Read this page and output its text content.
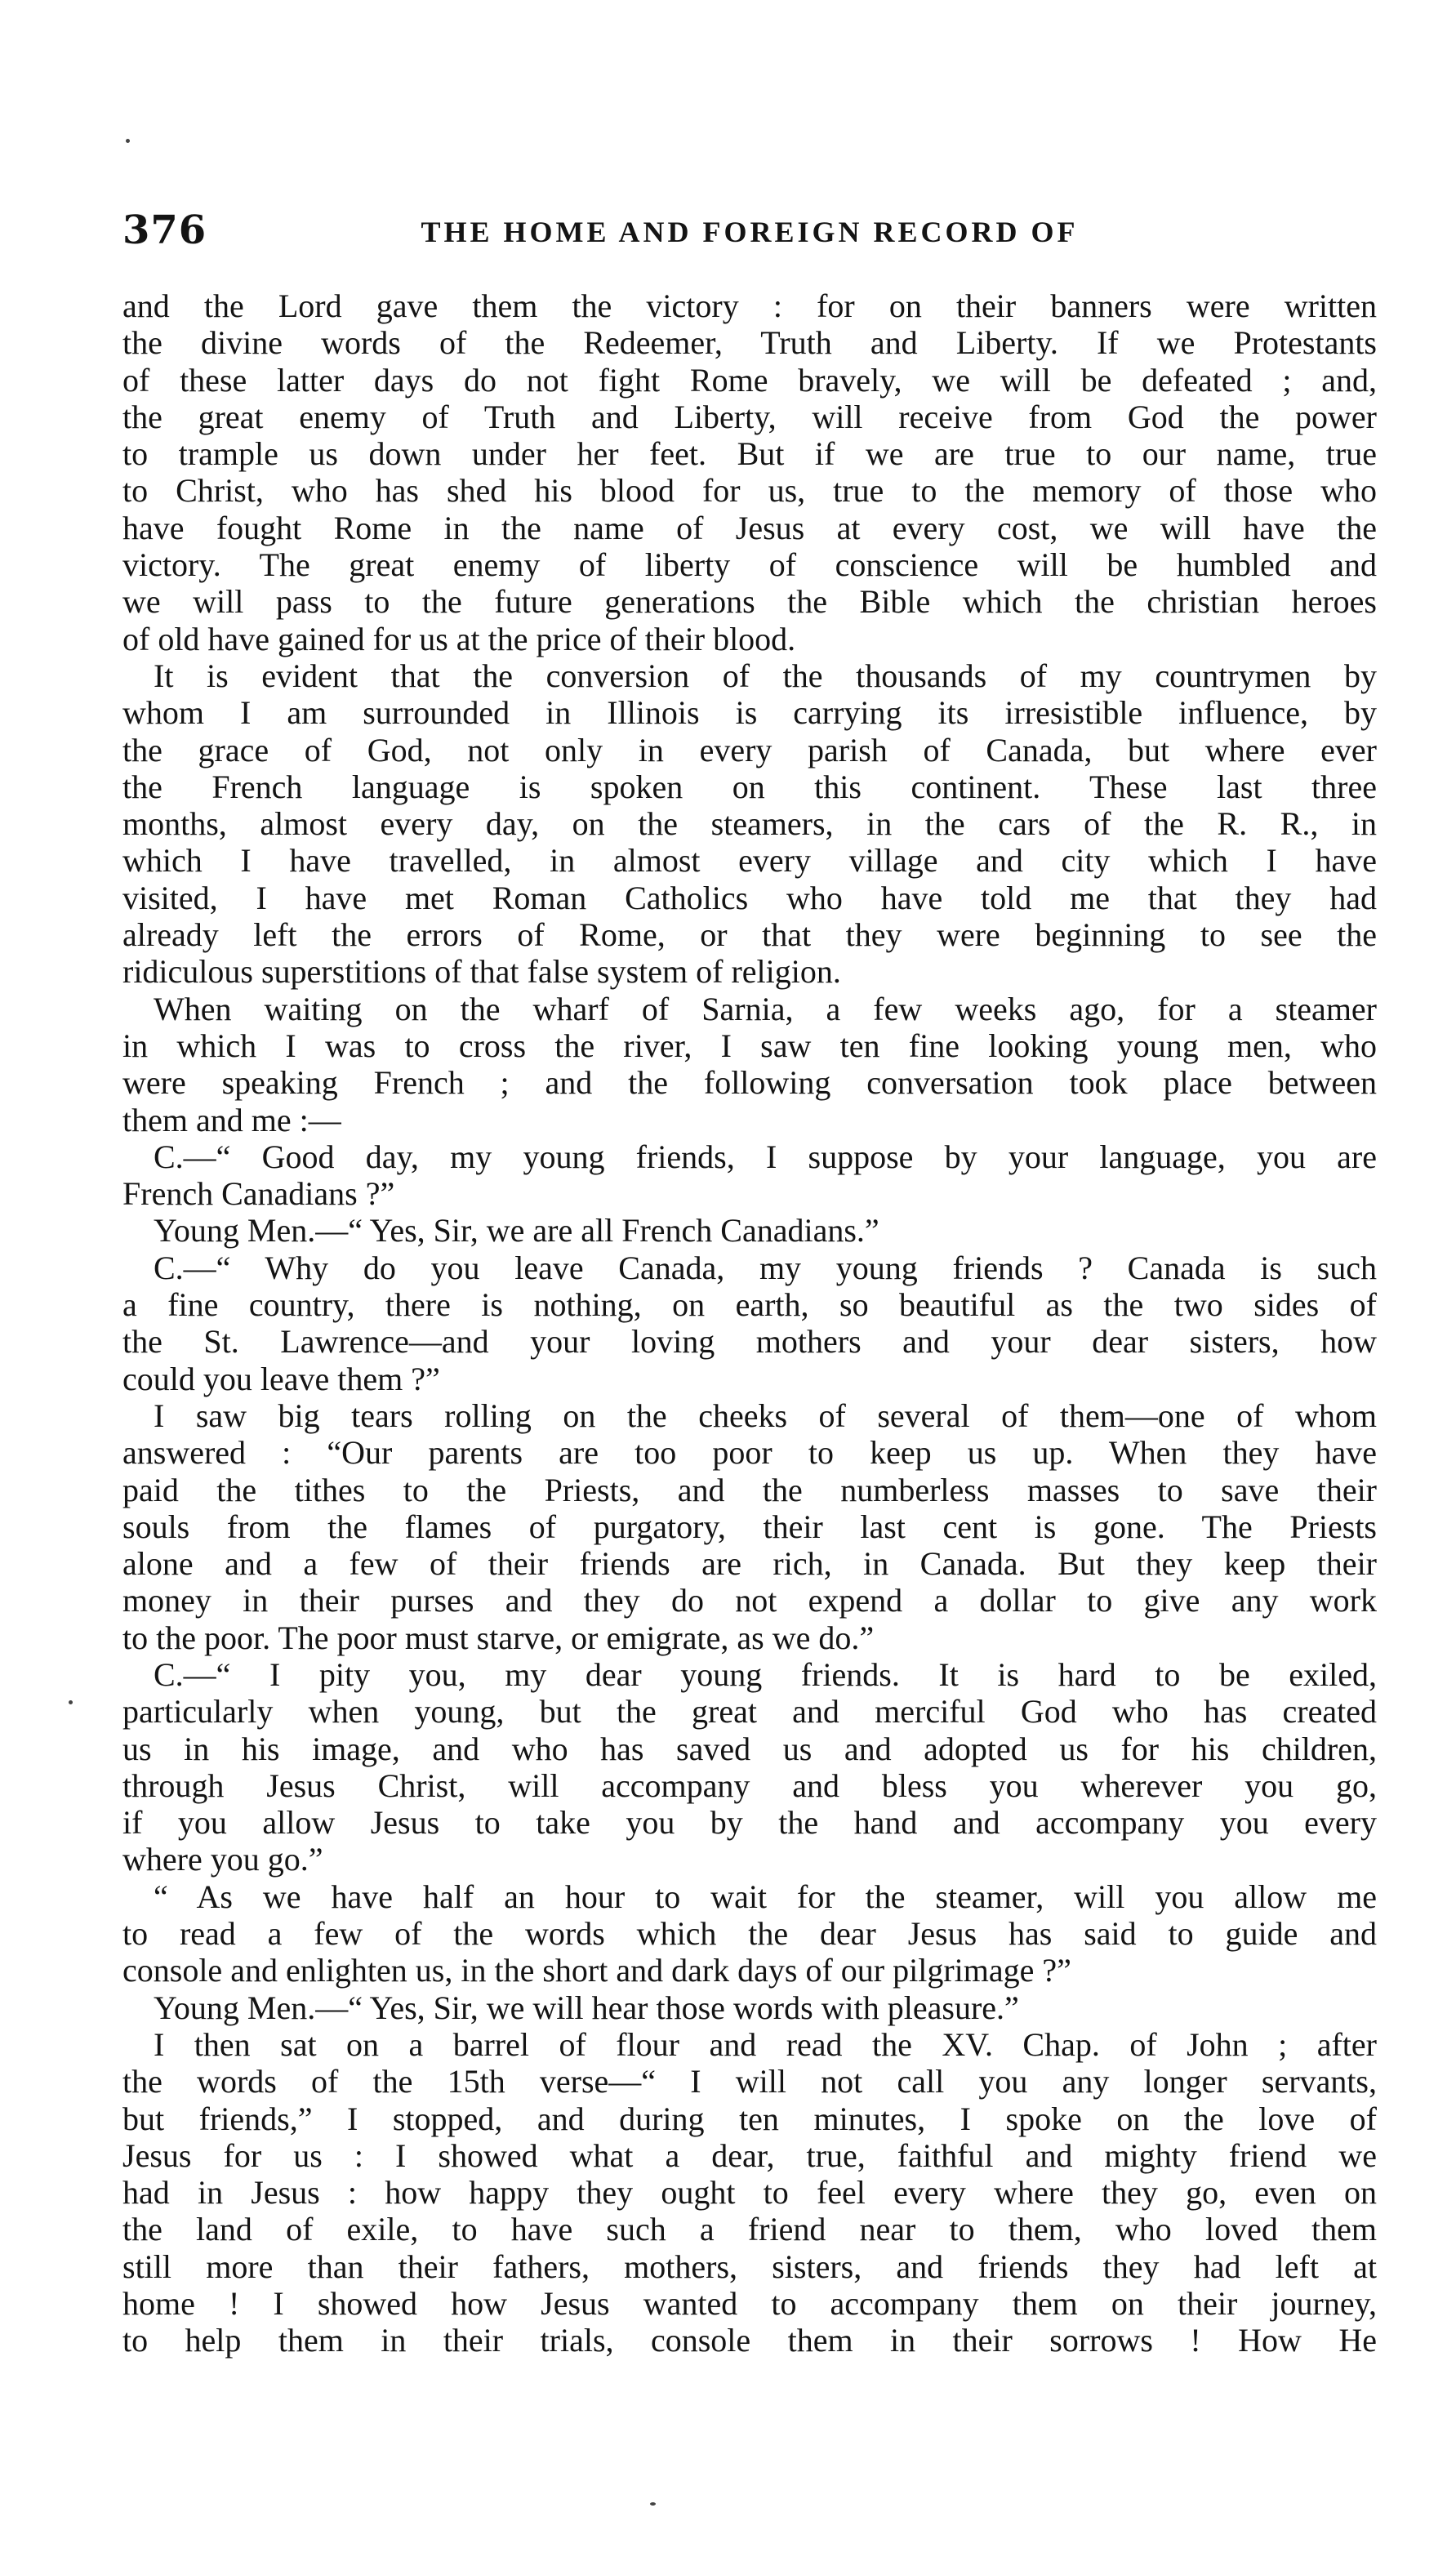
376	THE HOME AND FOREIGN RECORD OF
and the Lord gave them the victory : for on their banners were written
the divine words of the Redeemer, Truth and Liberty. If we Protestants
of these latter days do not fight Rome bravely, we will be defeated ; and,
the great enemy of Truth and Liberty, will receive from God the power
to trample us down under her feet. But if we are true to our name, true
to Christ, who has shed his blood for us, true to the memory of those who
have fought Rome in the name of Jesus at every cost, we will have the
victory. The great enemy of liberty of conscience will be humbled and
we will pass to the future generations the Bible which the christian heroes
of old have gained for us at the price of their blood.
It is evident that the conversion of the thousands of my countrymen by
whom I am surrounded in Illinois is carrying its irresistible influence, by
the grace of God, not only in every parish of Canada, but where ever
the French language is spoken on this continent. These last three
months, almost every day, on the steamers, in the cars of the R. R., in
which I have travelled, in almost every village and city which I have
visited, I have met Roman Catholics who have told me that they had
already left the errors of Rome, or that they were beginning to see the
ridiculous superstitions of that false system of religion.
When waiting on the wharf of Sarnia, a few weeks ago, for a steamer
in which I was to cross the river, I saw ten fine looking young men, who
were speaking French ; and the following conversation took place between
them and me :—
C.—“ Good day, my young friends, I suppose by your language, you are
French Canadians ?”
Young Men.—“ Yes, Sir, we are all French Canadians.”
C.—“ Why do you leave Canada, my young friends ? Canada is such
a fine country, there is nothing, on earth, so beautiful as the two sides of
the St. Lawrence—and your loving mothers and your dear sisters, how
could you leave them ?”
I saw big tears rolling on the cheeks of several of them—one of whom
answered : “Our parents are too poor to keep us up. When they have
paid the tithes to the Priests, and the numberless masses to save their
souls from the flames of purgatory, their last cent is gone. The Priests
alone and a few of their friends are rich, in Canada. But they keep their
money in their purses and they do not expend a dollar to give any work
to the poor. The poor must starve, or emigrate, as we do.”
C.—“ I pity you, my dear young friends. It is hard to be exiled,
particularly when young, but the great and merciful God who has created
us in his image, and who has saved us and adopted us for his children,
through Jesus Christ, will accompany and bless you wherever you go,
if you allow Jesus to take you by the hand and accompany you every
where you go.”
“ As we have half an hour to wait for the steamer, will you allow me
to read a few of the words which the dear Jesus has said to guide and
console and enlighten us, in the short and dark days of our pilgrimage ?”
Young Men.—“ Yes, Sir, we will hear those words with pleasure.”
I then sat on a barrel of flour and read the XV. Chap. of John ; after
the words of the 15th verse—“ I will not call you any longer servants,
but friends,” I stopped, and during ten minutes, I spoke on the love of
Jesus for us : I showed what a dear, true, faithful and mighty friend we
had in Jesus : how happy they ought to feel every where they go, even on
the land of exile, to have such a friend near to them, who loved them
still more than their fathers, mothers, sisters, and friends they had left at
home ! I showed how Jesus wanted to accompany them on their journey,
to help them in their trials, console them in their sorrows ! How He
